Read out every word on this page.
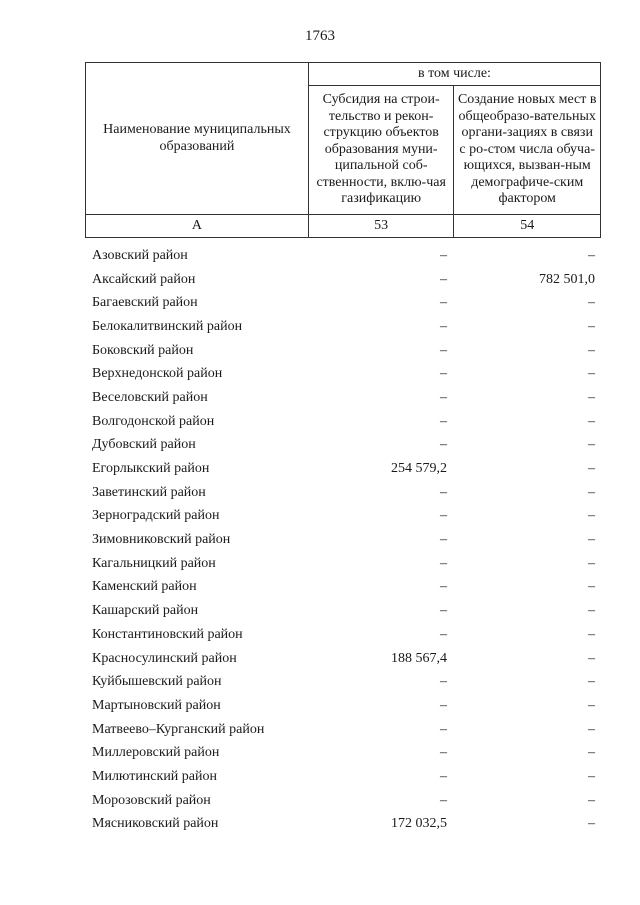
1763
Наименование муниципальных образований	в том числе:	
	Субсидия на строи-тельство и рекон-струкцию объектов образования муни-ципальной соб-ственности, вклю-чая газификацию	Создание новых мест в общеобразо-вательных органи-зациях в связи с ро-стом числа обуча-ющихся, вызван-ным демографиче-ским фактором
А	53	54
Азовский район	–	–
Аксайский район	–	782 501,0
Багаевский район	–	–
Белокалитвинский район	–	–
Боковский район	–	–
Верхнедонской район	–	–
Веселовский район	–	–
Волгодонской район	–	–
Дубовский район	–	–
Егорлыкский район	254 579,2	–
Заветинский район	–	–
Зерноградский район	–	–
Зимовниковский район	–	–
Кагальницкий район	–	–
Каменский район	–	–
Кашарский район	–	–
Константиновский район	–	–
Красносулинский район	188 567,4	–
Куйбышевский район	–	–
Мартыновский район	–	–
Матвеево–Курганский район	–	–
Миллеровский район	–	–
Милютинский район	–	–
Морозовский район	–	–
Мясниковский район	172 032,5	–
